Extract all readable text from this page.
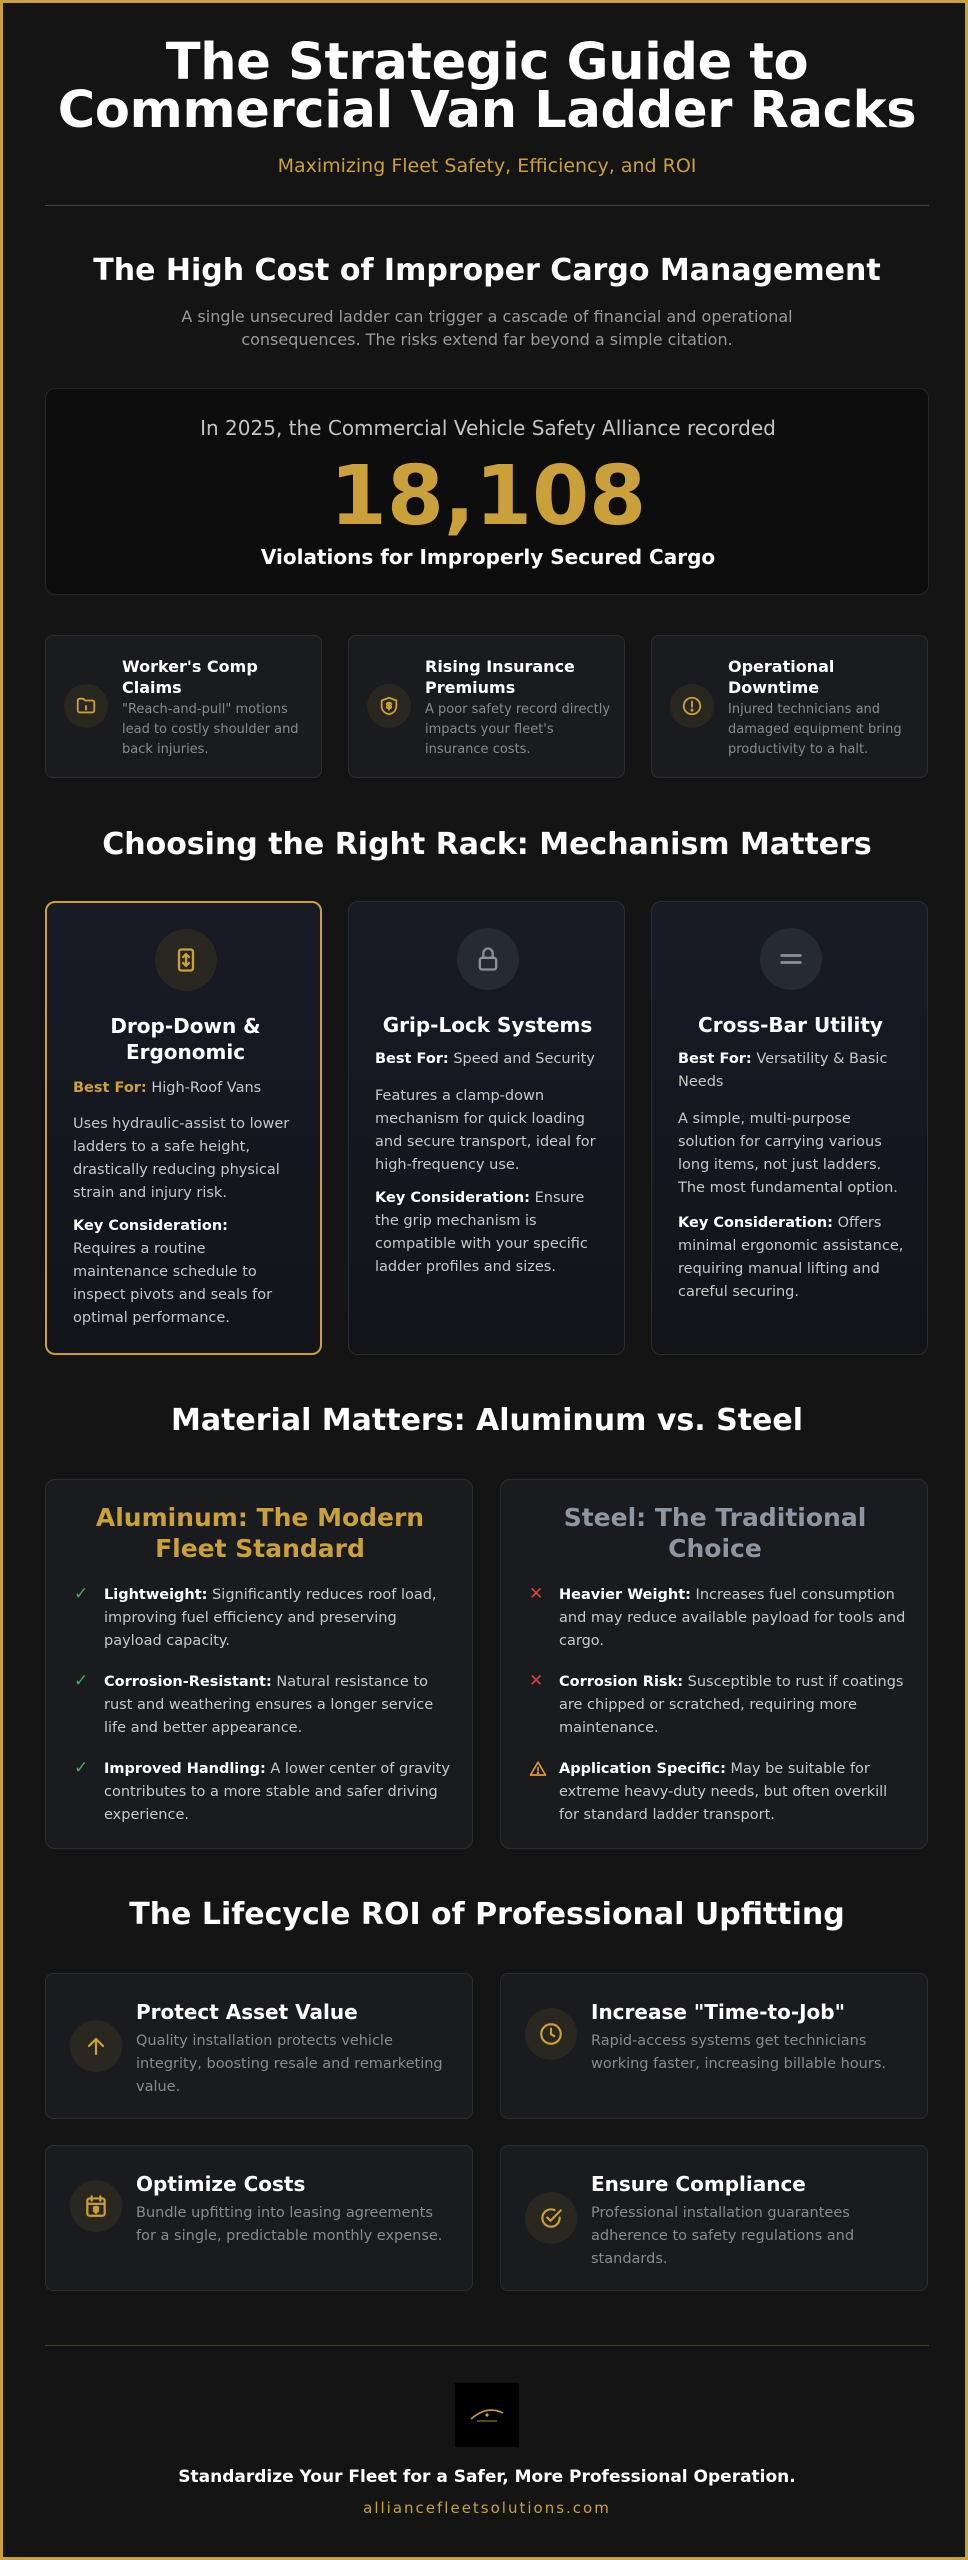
The Strategic Guide to
Commercial Van Ladder Racks
Maximizing Fleet Safety, Efficiency, and ROI
The High Cost of Improper Cargo Management
A single unsecured ladder can trigger a cascade of financial and operational consequences. The risks extend far beyond a simple citation.
In 2025, the Commercial Vehicle Safety Alliance recorded
18,108
Violations for Improperly Secured Cargo
Worker's Comp Claims
"Reach-and-pull" motions lead to costly shoulder and back injuries.
Rising Insurance Premiums
A poor safety record directly impacts your fleet's insurance costs.
Operational Downtime
Injured technicians and damaged equipment bring productivity to a halt.
Choosing the Right Rack: Mechanism Matters
Drop-Down & Ergonomic
Best For: High-Roof Vans
Uses hydraulic-assist to lower ladders to a safe height, drastically reducing physical strain and injury risk.
Key Consideration:
Requires a routine maintenance schedule to inspect pivots and seals for optimal performance.
Grip-Lock Systems
Best For: Speed and Security
Features a clamp-down mechanism for quick loading and secure transport, ideal for high-frequency use.
Key Consideration: Ensure the grip mechanism is compatible with your specific ladder profiles and sizes.
Cross-Bar Utility
Best For: Versatility & Basic Needs
A simple, multi-purpose solution for carrying various long items, not just ladders. The most fundamental option.
Key Consideration: Offers minimal ergonomic assistance, requiring manual lifting and careful securing.
Material Matters: Aluminum vs. Steel
Aluminum: The Modern Fleet Standard
✓	Lightweight: Significantly reduces roof load, improving fuel efficiency and preserving payload capacity.
✓	Corrosion-Resistant: Natural resistance to rust and weathering ensures a longer service life and better appearance.
✓	Improved Handling: A lower center of gravity contributes to a more stable and safer driving experience.
Steel: The Traditional Choice
✕	Heavier Weight: Increases fuel consumption and may reduce available payload for tools and cargo.
✕	Corrosion Risk: Susceptible to rust if coatings are chipped or scratched, requiring more maintenance.
Application Specific: May be suitable for extreme heavy-duty needs, but often overkill for standard ladder transport.
The Lifecycle ROI of Professional Upfitting
Protect Asset Value
Quality installation protects vehicle integrity, boosting resale and remarketing value.
Increase "Time-to-Job"
Rapid-access systems get technicians working faster, increasing billable hours.
Optimize Costs
Bundle upfitting into leasing agreements for a single, predictable monthly expense.
Ensure Compliance
Professional installation guarantees adherence to safety regulations and standards.
Standardize Your Fleet for a Safer, More Professional Operation.
alliancefleetsolutions.com
